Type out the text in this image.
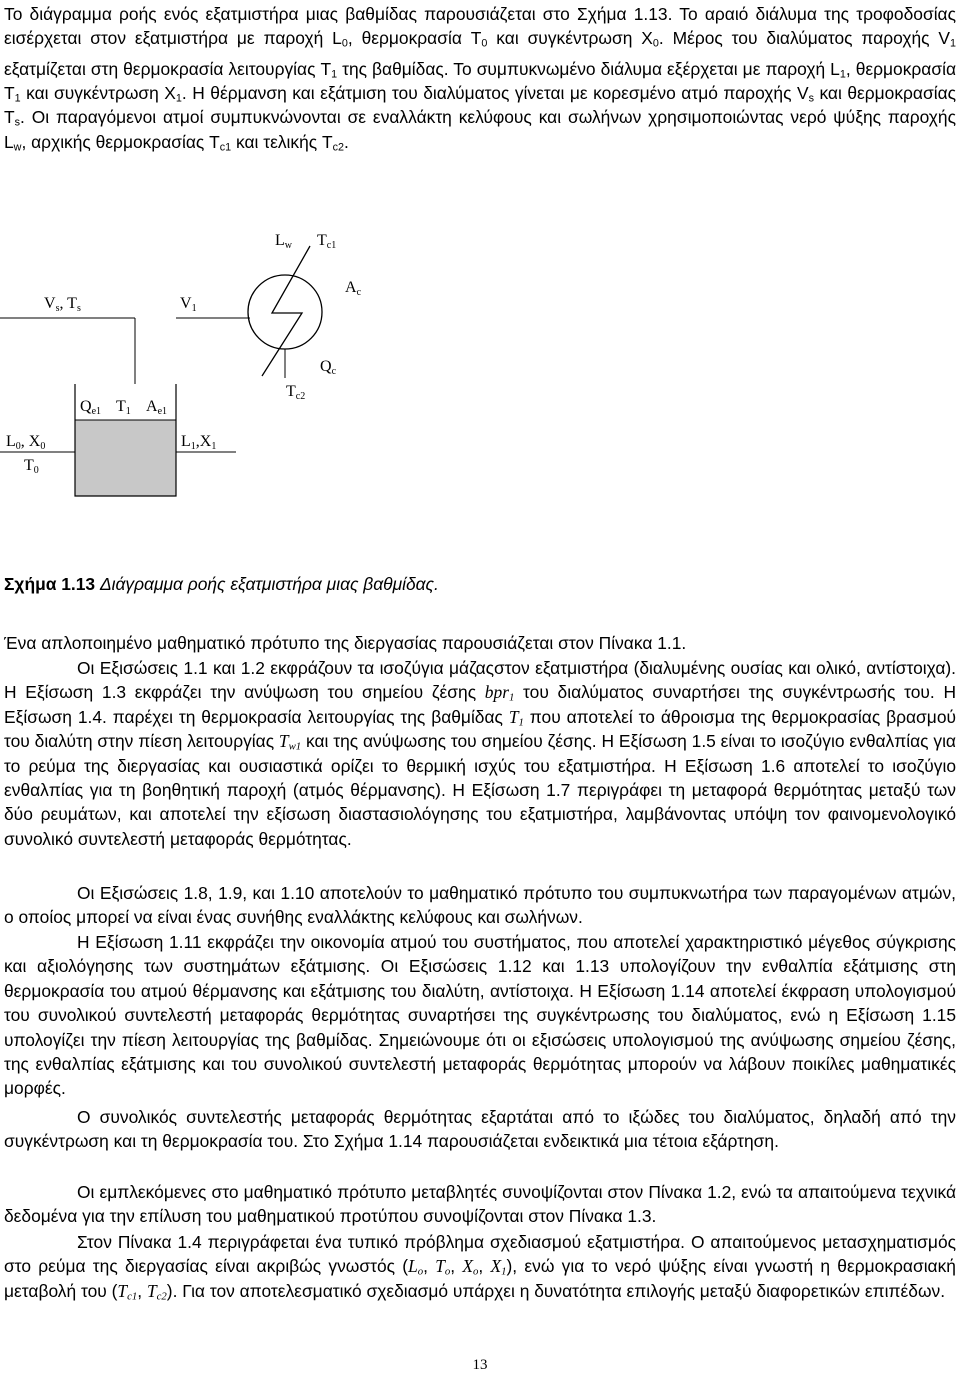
Το διάγραμμα ροής ενός εξατμιστήρα μιας βαθμίδας παρουσιάζεται στο Σχήμα 1.13. Το αραιό διάλυμα της τροφοδοσίας εισέρχεται στον εξατμιστήρα με παροχή L0, θερμοκρασία $T_0$ και συγκέντρωση $X_0$. Μέρος του διαλύματος παροχής $V_1$ εξατμίζεται στη θερμοκρασία λειτουργίας $T_1$ της βαθμίδας. Το συμπυκνωμένο διάλυμα εξέρχεται με παροχή $L_1$, θερμοκρασία $T_1$ και συγκέντρωση $X_1$. Η θέρμανση και εξάτμιση του διαλύματος γίνεται με κορεσμένο ατμό παροχής $V_s$ και θερμοκρασίας $T_s$. Οι παραγόμενοι ατμοί συμπυκνώνονται σε εναλλάκτη κελύφους και σωλήνων χρησιμοποιώντας νερό ψύξης παροχής $L_w$, αρχικής θερμοκρασίας $T_{c1}$ και τελικής $T_{c2}$.

Lw Tc1
Ac
Vs, Ts	V1
Qc
Tc2
Qe1 T1 Ae1
L0, X0
T0
L1,X1

Σχήμα 1.13 Διάγραμμα ροής εξατμιστήρα μιας βαθμίδας.

Ένα απλοποιημένο μαθηματικό πρότυπο της διεργασίας παρουσιάζεται στον Πίνακα 1.1.

Οι Εξισώσεις 1.1 και 1.2 εκφράζουν τα ισοζύγια μάζαςστον εξατμιστήρα (διαλυμένης ουσίας και ολικό, αντίστοιχα). Η Εξίσωση 1.3 εκφράζει την ανύψωση του σημείου ζέσης bpr$_1$ του διαλύματος συναρτήσει της συγκέντρωσής του. Η Εξίσωση 1.4. παρέχει τη θερμοκρασία λειτουργίας της βαθμίδας $T_1$ που αποτελεί το άθροισμα της θερμοκρασίας βρασμού του διαλύτη στην πίεση λειτουργίας $T_{w1}$ και της ανύψωσης του σημείου ζέσης. Η Εξίσωση 1.5 είναι το ισοζύγιο ενθαλπίας για το ρεύμα της διεργασίας και ουσιαστικά ορίζει το θερμική ισχύς του εξατμιστήρα. Η Εξίσωση 1.6 αποτελεί το ισοζύγιο ενθαλπίας για τη βοηθητική παροχή (ατμός θέρμανσης). Η Εξίσωση 1.7 περιγράφει τη μεταφορά θερμότητας μεταξύ των δύο ρευμάτων, και αποτελεί την εξίσωση διαστασιολόγησης του εξατμιστήρα, λαμβάνοντας υπόψη τον φαινομενολογικό συνολικό συντελεστή μεταφοράς θερμότητας.

Οι Εξισώσεις 1.8, 1.9, και 1.10 αποτελούν το μαθηματικό πρότυπο του συμπυκνωτήρα των παραγομένων ατμών, ο οποίος μπορεί να είναι ένας συνήθης εναλλάκτης κελύφους και σωλήνων.

Η Εξίσωση 1.11 εκφράζει την οικονομία ατμού του συστήματος, που αποτελεί χαρακτηριστικό μέγεθος σύγκρισης και αξιολόγησης των συστημάτων εξάτμισης. Οι Εξισώσεις 1.12 και 1.13 υπολογίζουν την ενθαλπία εξάτμισης στη θερμοκρασία του ατμού θέρμανσης και εξάτμισης του διαλύτη, αντίστοιχα. Η Εξίσωση 1.14 αποτελεί έκφραση υπολογισμού του συνολικού συντελεστή μεταφοράς θερμότητας συναρτήσει της συγκέντρωσης του διαλύματος, ενώ η Εξίσωση 1.15 υπολογίζει την πίεση λειτουργίας της βαθμίδας. Σημειώνουμε ότι οι εξισώσεις υπολογισμού της ανύψωσης σημείου ζέσης, της ενθαλπίας εξάτμισης και του συνολικού συντελεστή μεταφοράς θερμότητας μπορούν να λάβουν ποικίλες μαθηματικές μορφές.

Ο συνολικός συντελεστής μεταφοράς θερμότητας εξαρτάται από το ιξώδες του διαλύματος, δηλαδή από την συγκέντρωση και τη θερμοκρασία του. Στο Σχήμα 1.14 παρουσιάζεται ενδεικτικά μια τέτοια εξάρτηση.

Οι εμπλεκόμενες στο μαθηματικό πρότυπο μεταβλητές συνοψίζονται στον Πίνακα 1.2, ενώ τα απαιτούμενα τεχνικά δεδομένα για την επίλυση του μαθηματικού προτύπου συνοψίζονται στον Πίνακα 1.3.

Στον Πίνακα 1.4 περιγράφεται ένα τυπικό πρόβλημα σχεδιασμού εξατμιστήρα. Ο απαιτούμενος μετασχηματισμός στο ρεύμα της διεργασίας είναι ακριβώς γνωστός ($L_o$, $T_o$, $X_o$, $X_1$), ενώ για το νερό ψύξης είναι γνωστή η θερμοκρασιακή μεταβολή του ($T_{c1}$, $T_{c2}$). Για τον αποτελεσματικό σχεδιασμό υπάρχει η δυνατότητα επιλογής μεταξύ διαφορετικών επιπέδων.

13
